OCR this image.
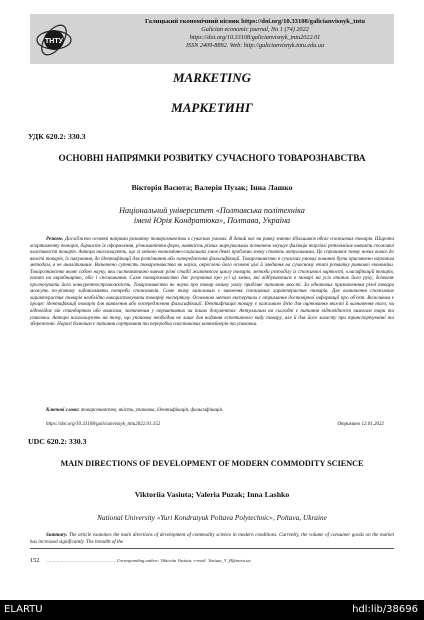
ТНТУ
Галицький економічний вісник https://doi.org/10.33108/galicianvisnyk_tntu
Galician economic journal, No 1 (74) 2022
https://doi.org/10.33108/galicianvisnyk_tntu2022.01
ISSN 2409-8892. Web: http://galicianvisnyk.tntu.edu.ua
MARKETING
МАРКЕТИНГ
УДК 620.2: 330.3
ОСНОВНІ НАПРЯМКИ РОЗВИТКУ СУЧАСНОГО ТОВАРОЗНАВСТВА
Вікторія Васюта; Валерія Пузак; Інна Лашко
Національний університет «Полтавська політехніка
імені Юрія Кондратюка», Полтава, Україна
Резюме. Досліджено основні напрями розвитку товарознавства в сучасних умовах. В даний час на ринку значно збільшився обсяг споживчих товарів. Широта асортименту товарів, барвисте їх оформлення, різноманіття форм, наявність різних маркувальних позначень змушує фахівців торгівлі ретельніше вивчати споживчі властивості товарів. Автори наголошують, що зі зміною економічно-соціальних умов деякі проблеми знову стають актуальними. Це спричинює появу нових вимог до якості товарів, їх пакування, до ідентифікації для розпізнання або попередження фальсифікації. Товарознавство в сучасних умовах повинно бути присвячено науковим методам, а не аналітичним. Визначено сутність товарознавства як науки, окреслено його основні цілі й завдання на сучасному етапі розвитку ринкової економіки. Товарознавство являє собою науку, яка систематично вивчає різні стадії життєвого циклу товарів, методи розподілу їх споживчої вартості, класифікацій товарів, попит на виробництво, обіг і споживання. Саме товарознавство дає розуміння про усі ці зміни, які відбуваються в товарі на усіх етапах його руху, дозволяє прогнозувати його конкурентоспроможність. Товарознавство як наука про товар велику увагу приділяє питанню якості. За однакових призначенням різні товари можуть по-різному задовольняти потреби споживачів. Саме тому важливим є вивчення споживчих характеристик товарів. Для визначення споживчих характеристик товарів необхідно використовувати товарну експертизу. Основною метою експертизи є отримання достовірної інформації про об'єкт. Важливим є процес ідентифікації товарів для виявлення або попередження фальсифікації. Ідентифікація товару є важливою дією для оцінювання якості й визначення того, чи відповідає він стандартам або вимогам, зазначеним у нормативних чи інших документах. Актуальним на сьогодні є питання відповідності вимогам тари та упаковки. Автори наголошують на тому, що упаковка необхідна не лише для надання естетичного виду товару, але й для його захисту при транспортуванні та збереженні. Наразі болючим є питання сортування та переробки пластикових контейнерів та упаковки.
Ключові слова: товарознавство, якість, упаковка, ідентифікація, фальсифікація.
https://doi.org/10.33108/galicianvisnyk_tntu2022.01.152	Отримано 12.01.2022
UDC 620.2: 330.3
MAIN DIRECTIONS OF DEVELOPMENT OF MODERN COMMODITY SCIENCE
Viktoriia Vasiuta; Valeria Puzak; Inna Lashko
National University «Yuri Kondratyuk Poltava Polytechnic», Poltava, Ukraine
Summary. The article examines the main directions of development of commodity science in modern conditions. Currently, the volume of consumer goods on the market has increased significantly. The breadth of the
152 …………………………………………… Corresponding author: Viktoriia Vasiuta; e-mail: Vasiuta_V_B@meta.ua
ELARTU	hdl:lib/38696
